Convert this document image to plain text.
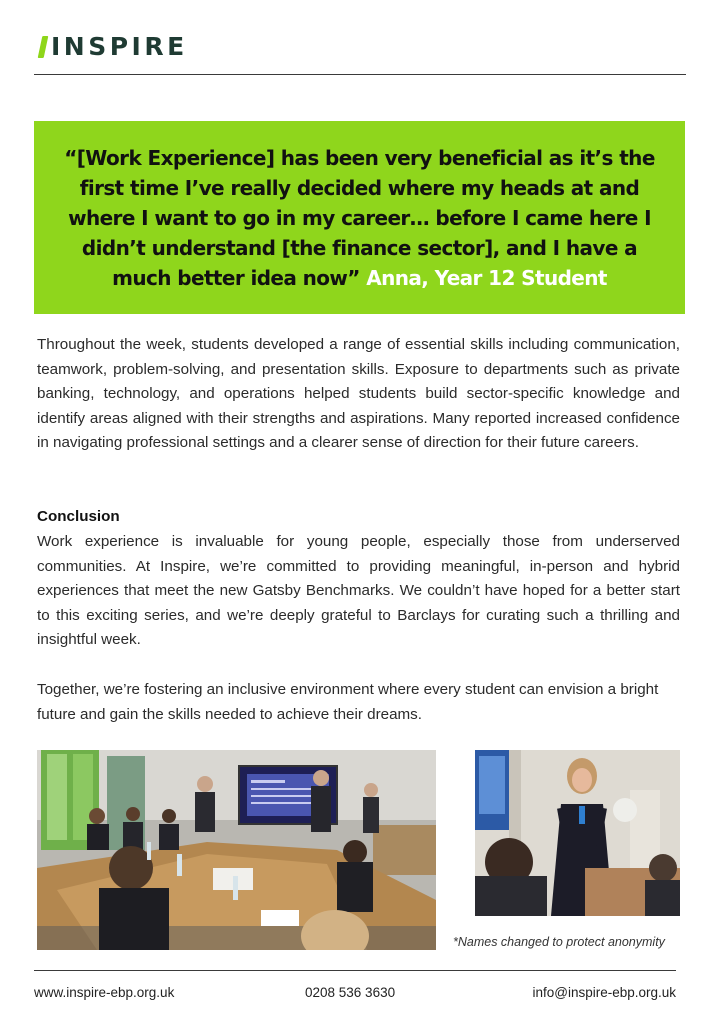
INSPIRE

“[Work Experience] has been very beneficial as it’s the first time I’ve really decided where my heads at and where I want to go in my career… before I came here I didn’t understand [the finance sector], and I have a much better idea now” Anna, Year 12 Student

Throughout the week, students developed a range of essential skills including communication, teamwork, problem-solving, and presentation skills. Exposure to departments such as private banking, technology, and operations helped students build sector-specific knowledge and identify areas aligned with their strengths and aspirations. Many reported increased confidence in navigating professional settings and a clearer sense of direction for their future careers.

Conclusion

Work experience is invaluable for young people, especially those from underserved communities. At Inspire, we’re committed to providing meaningful, in-person and hybrid experiences that meet the new Gatsby Benchmarks. We couldn’t have hoped for a better start to this exciting series, and we’re deeply grateful to Barclays for curating such a thrilling and insightful week.

Together, we’re fostering an inclusive environment where every student can envision a bright future and gain the skills needed to achieve their dreams.

*Names changed to protect anonymity
www.inspire-ebp.org.uk	0208 536 3630	info@inspire-ebp.org.uk
